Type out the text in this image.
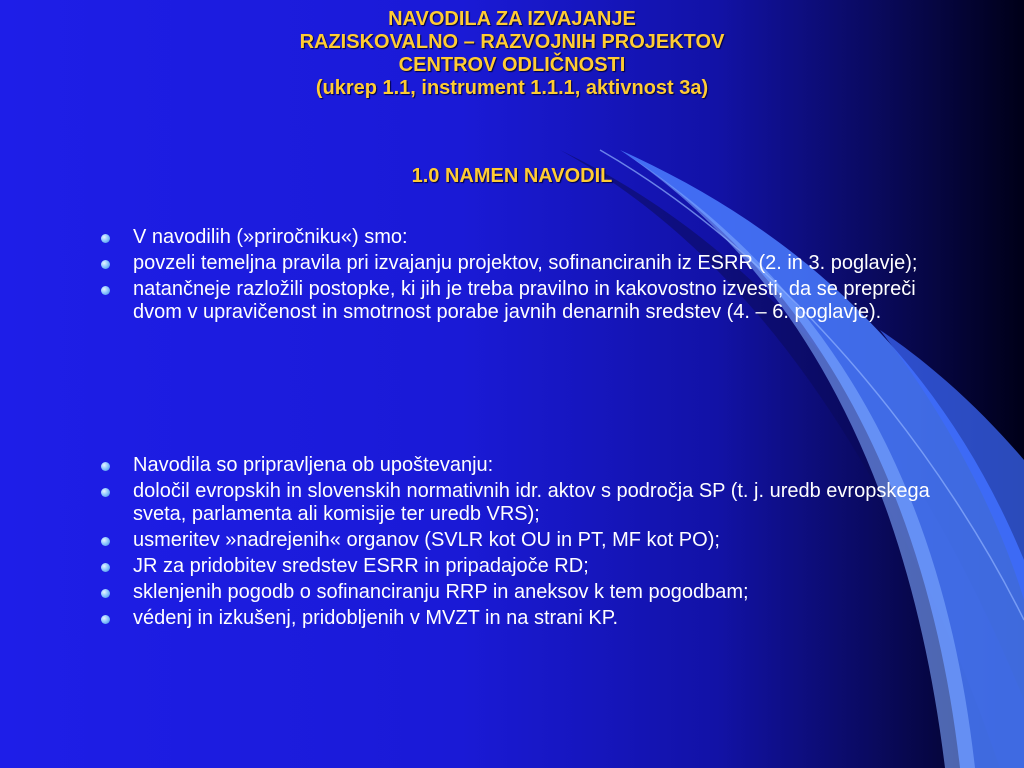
NAVODILA ZA IZVAJANJE
RAZISKOVALNO – RAZVOJNIH PROJEKTOV
CENTROV ODLIČNOSTI
(ukrep 1.1, instrument 1.1.1, aktivnost 3a)
1.0 NAMEN NAVODIL
V navodilih (»priročniku«) smo:
povzeli temeljna pravila pri izvajanju projektov, sofinanciranih iz ESRR (2. in 3. poglavje);
natančneje razložili postopke, ki jih je treba pravilno in kakovostno izvesti, da se prepreči dvom v upravičenost in smotrnost porabe javnih denarnih sredstev (4. – 6. poglavje).
Navodila so pripravljena ob upoštevanju:
določil evropskih in slovenskih normativnih idr. aktov s področja SP (t. j. uredb evropskega sveta, parlamenta ali komisije ter uredb VRS);
usmeritev »nadrejenih« organov (SVLR kot OU in PT, MF kot PO);
JR za pridobitev sredstev ESRR in pripadajoče RD;
sklenjenih pogodb o sofinanciranju RRP in aneksov k tem pogodbam;
védenj in izkušenj, pridobljenih v MVZT in na strani KP.
